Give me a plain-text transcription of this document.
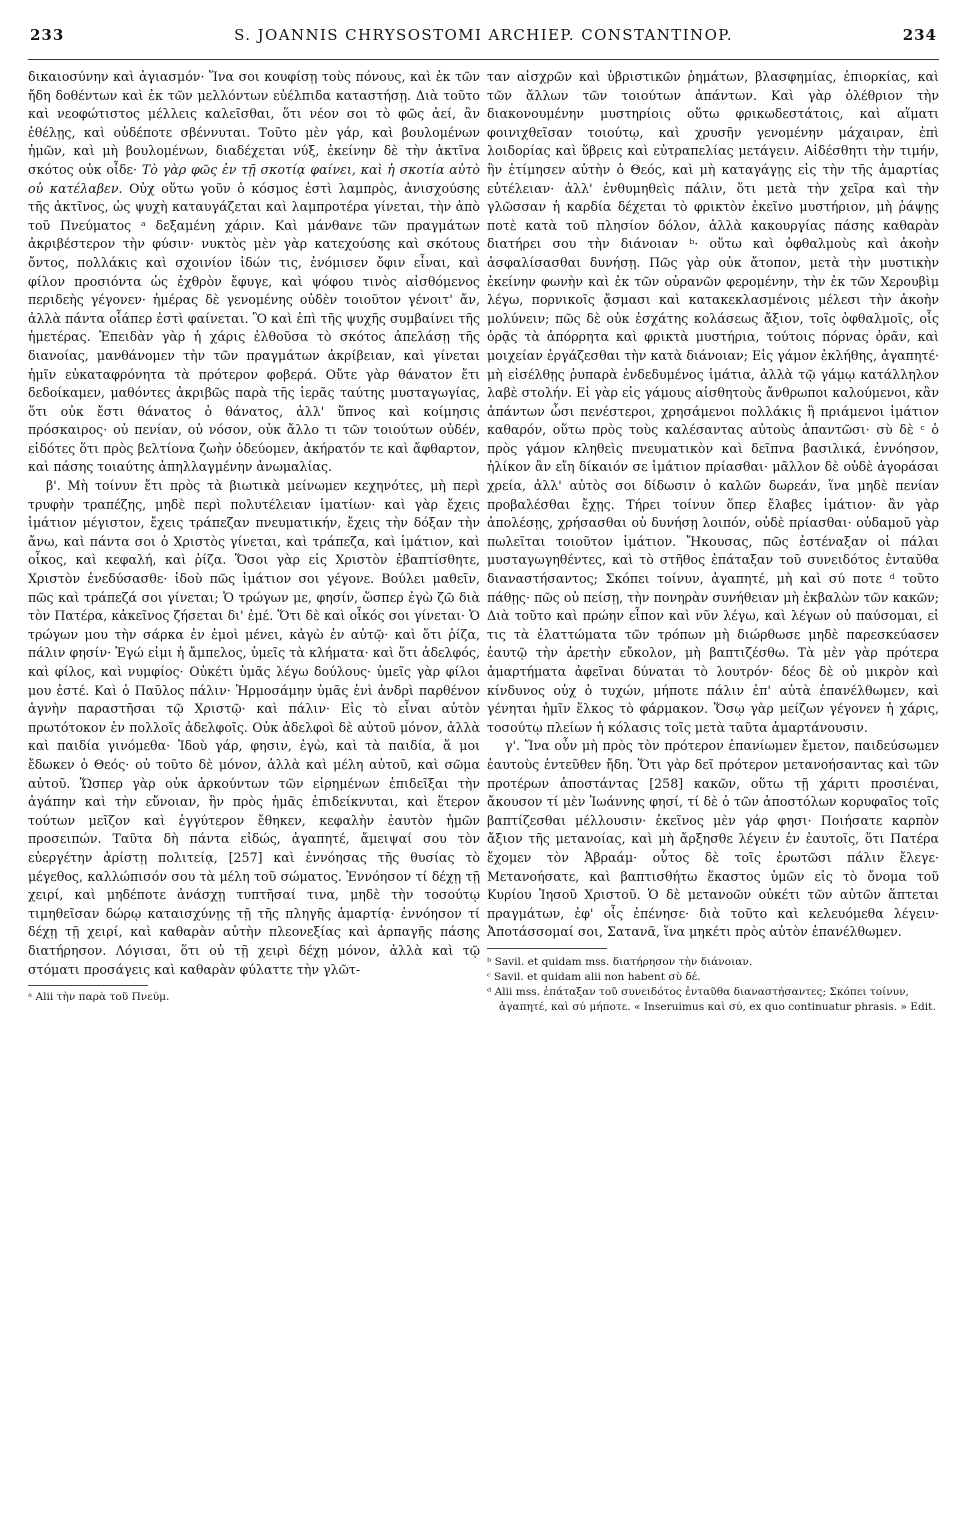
233	S. JOANNIS CHRYSOSTOMI ARCHIEP. CONSTANTINOP.	234

δικαιοσύνην καὶ ἁγιασμόν· Ἵνα σοι κουφίσῃ τοὺς πόνους, καὶ ἐκ τῶν ἤδη δοθέντων καὶ ἐκ τῶν μελλόντων εὐέλπιδα καταστήσῃ. Διὰ τοῦτο καὶ νεοφώτιστος μέλλεις καλεῖσθαι, ὅτι νέον σοι τὸ φῶς ἀεί, ἂν ἐθέλῃς, καὶ οὐδέποτε σβέννυται. Τοῦτο μὲν γάρ, καὶ βουλομένων ἡμῶν, καὶ μὴ βουλομένων, διαδέχεται νύξ, ἐκείνην δὲ τὴν ἀκτῖνα σκότος οὐκ οἶδε· Τὸ γὰρ φῶς ἐν τῇ σκοτίᾳ φαίνει, καὶ ἡ σκοτία αὐτὸ οὐ κατέλαβεν. Οὐχ οὕτω γοῦν ὁ κόσμος ἐστὶ λαμπρὸς, ἀνισχούσης τῆς ἀκτῖνος, ὡς ψυχὴ καταυγάζεται καὶ λαμπροτέρα γίνεται, τὴν ἀπὸ τοῦ Πνεύματος ᵃ δεξαμένη χάριν. Καὶ μάνθανε τῶν πραγμάτων ἀκριβέστερον τὴν φύσιν· νυκτὸς μὲν γὰρ κατεχούσης καὶ σκότους ὄντος, πολλάκις καὶ σχοινίον ἰδών τις, ἐνόμισεν ὄφιν εἶναι, καὶ φίλον προσιόντα ὡς ἐχθρὸν ἔφυγε, καὶ ψόφου τινὸς αἰσθόμενος περιδεὴς γέγονεν· ἡμέρας δὲ γενομένης οὐδὲν τοιοῦτον γένοιτ' ἄν, ἀλλὰ πάντα οἷάπερ ἐστὶ φαίνεται. Ὃ καὶ ἐπὶ τῆς ψυχῆς συμβαίνει τῆς ἡμετέρας. Ἐπειδὰν γὰρ ἡ χάρις ἐλθοῦσα τὸ σκότος ἀπελάσῃ τῆς διανοίας, μανθάνομεν τὴν τῶν πραγμάτων ἀκρίβειαν, καὶ γίνεται ἡμῖν εὐκαταφρόνητα τὰ πρότερον φοβερά. Οὔτε γὰρ θάνατον ἔτι δεδοίκαμεν, μαθόντες ἀκριβῶς παρὰ τῆς ἱερᾶς ταύτης μυσταγωγίας, ὅτι οὐκ ἔστι θάνατος ὁ θάνατος, ἀλλ' ὕπνος καὶ κοίμησις πρόσκαιρος· οὐ πενίαν, οὐ νόσον, οὐκ ἄλλο τι τῶν τοιούτων οὐδέν, εἰδότες ὅτι πρὸς βελτίονα ζωὴν ὁδεύομεν, ἀκήρατόν τε καὶ ἄφθαρτον, καὶ πάσης τοιαύτης ἀπηλλαγμένην ἀνωμαλίας.

β'. Μὴ τοίνυν ἔτι πρὸς τὰ βιωτικὰ μείνωμεν κεχηνότες, μὴ περὶ τρυφὴν τραπέζης, μηδὲ περὶ πολυτέλειαν ἱματίων· καὶ γὰρ ἔχεις ἱμάτιον μέγιστον, ἔχεις τράπεζαν πνευματικήν, ἔχεις τὴν δόξαν τὴν ἄνω, καὶ πάντα σοι ὁ Χριστὸς γίνεται, καὶ τράπεζα, καὶ ἱμάτιον, καὶ οἶκος, καὶ κεφαλή, καὶ ῥίζα. Ὅσοι γὰρ εἰς Χριστὸν ἐβαπτίσθητε, Χριστὸν ἐνεδύσασθε· ἰδοὺ πῶς ἱμάτιον σοι γέγονε. Βούλει μαθεῖν, πῶς καὶ τράπεζά σοι γίνεται; Ὁ τρώγων με, φησίν, ὥσπερ ἐγὼ ζῶ διὰ τὸν Πατέρα, κἀκεῖνος ζήσεται δι' ἐμέ. Ὅτι δὲ καὶ οἶκός σοι γίνεται· Ὁ τρώγων μου τὴν σάρκα ἐν ἐμοὶ μένει, κἀγὼ ἐν αὐτῷ· καὶ ὅτι ῥίζα, πάλιν φησίν· Ἐγώ εἰμι ἡ ἄμπελος, ὑμεῖς τὰ κλήματα· καὶ ὅτι ἀδελφός, καὶ φίλος, καὶ νυμφίος· Οὐκέτι ὑμᾶς λέγω δούλους· ὑμεῖς γὰρ φίλοι μου ἐστέ. Καὶ ὁ Παῦλος πάλιν· Ἡρμοσάμην ὑμᾶς ἑνὶ ἀνδρὶ παρθένον ἁγνὴν παραστῆσαι τῷ Χριστῷ· καὶ πάλιν· Εἰς τὸ εἶναι αὐτὸν πρωτότοκον ἐν πολλοῖς ἀδελφοῖς. Οὐκ ἀδελφοὶ δὲ αὐτοῦ μόνον, ἀλλὰ καὶ παιδία γινόμεθα· Ἰδοὺ γάρ, φησιν, ἐγὼ, καὶ τὰ παιδία, ἅ μοι ἔδωκεν ὁ Θεός· οὐ τοῦτο δὲ μόνον, ἀλλὰ καὶ μέλη αὐτοῦ, καὶ σῶμα αὐτοῦ. Ὥσπερ γὰρ οὐκ ἀρκούντων τῶν εἰρημένων ἐπιδεῖξαι τὴν ἀγάπην καὶ τὴν εὔνοιαν, ἣν πρὸς ἡμᾶς ἐπιδείκνυται, καὶ ἕτερον τούτων μεῖζον καὶ ἐγγύτερον ἔθηκεν, κεφαλὴν ἑαυτὸν ἡμῶν προσειπών. Ταῦτα δὴ πάντα εἰδώς, ἀγαπητέ, ἄμειψαί σου τὸν εὐεργέτην ἀρίστῃ πολιτείᾳ, [257] καὶ ἐννόησας τῆς θυσίας τὸ μέγεθος, καλλώπισόν σου τὰ μέλη τοῦ σώματος. Ἐννόησον τί δέχῃ τῇ χειρί, καὶ μηδέποτε ἀνάσχῃ τυπτῆσαί τινα, μηδὲ τὴν τοσούτῳ τιμηθεῖσαν δώρῳ καταισχύνῃς τῇ τῆς πληγῆς ἁμαρτίᾳ· ἐννόησον τί δέχῃ τῇ χειρί, καὶ καθαρὰν αὐτὴν πλεονεξίας καὶ ἁρπαγῆς πάσης διατήρησον. Λόγισαι, ὅτι οὐ τῇ χειρὶ δέχῃ μόνον, ἀλλὰ καὶ τῷ στόματι προσάγεις καὶ καθαρὰν φύλαττε τὴν γλῶτ-

ᵃ Alii τὴν παρὰ τοῦ Πνεύμ.

ταν αἰσχρῶν καὶ ὑβριστικῶν ῥημάτων, βλασφημίας, ἐπιορκίας, καὶ τῶν ἄλλων τῶν τοιούτων ἁπάντων. Καὶ γὰρ ὀλέθριον τὴν διακονουμένην μυστηρίοις οὕτω φρικωδεστάτοις, καὶ αἵματι φοινιχθεῖσαν τοιούτῳ, καὶ χρυσῆν γενομένην μάχαιραν, ἐπὶ λοιδορίας καὶ ὕβρεις καὶ εὐτραπελίας μετάγειν. Αἰδέσθητι τὴν τιμήν, ἣν ἐτίμησεν αὐτὴν ὁ Θεός, καὶ μὴ καταγάγῃς εἰς τὴν τῆς ἁμαρτίας εὐτέλειαν· ἀλλ' ἐνθυμηθεὶς πάλιν, ὅτι μετὰ τὴν χεῖρα καὶ τὴν γλῶσσαν ἡ καρδία δέχεται τὸ φρικτὸν ἐκεῖνο μυστήριον, μὴ ῥάψῃς ποτὲ κατὰ τοῦ πλησίον δόλον, ἀλλὰ κακουργίας πάσης καθαρὰν διατήρει σου τὴν διάνοιαν ᵇ· οὕτω καὶ ὀφθαλμοὺς καὶ ἀκοὴν ἀσφαλίσασθαι δυνήσῃ. Πῶς γὰρ οὐκ ἄτοπον, μετὰ τὴν μυστικὴν ἐκείνην φωνὴν καὶ ἐκ τῶν οὐρανῶν φερομένην, τὴν ἐκ τῶν Χερουβὶμ λέγω, πορνικοῖς ᾄσμασι καὶ κατακεκλασμένοις μέλεσι τὴν ἀκοὴν μολύνειν; πῶς δὲ οὐκ ἐσχάτης κολάσεως ἄξιον, τοῖς ὀφθαλμοῖς, οἷς ὁρᾷς τὰ ἀπόρρητα καὶ φρικτὰ μυστήρια, τούτοις πόρνας ὁρᾶν, καὶ μοιχείαν ἐργάζεσθαι τὴν κατὰ διάνοιαν; Εἰς γάμον ἐκλήθης, ἀγαπητέ· μὴ εἰσέλθῃς ῥυπαρὰ ἐνδεδυμένος ἱμάτια, ἀλλὰ τῷ γάμῳ κατάλληλον λαβὲ στολήν. Εἰ γὰρ εἰς γάμους αἰσθητοὺς ἄνθρωποι καλούμενοι, κἂν ἁπάντων ὦσι πενέστεροι, χρησάμενοι πολλάκις ἢ πριάμενοι ἱμάτιον καθαρόν, οὕτω πρὸς τοὺς καλέσαντας αὐτοὺς ἀπαντῶσι· σὺ δὲ ᶜ ὁ πρὸς γάμον κληθεὶς πνευματικὸν καὶ δεῖπνα βασιλικά, ἐννόησον, ἡλίκον ἂν εἴη δίκαιόν σε ἱμάτιον πρίασθαι· μᾶλλον δὲ οὐδὲ ἀγοράσαι χρεία, ἀλλ' αὐτὸς σοι δίδωσιν ὁ καλῶν δωρεάν, ἵνα μηδὲ πενίαν προβαλέσθαι ἔχῃς. Τήρει τοίνυν ὅπερ ἔλαβες ἱμάτιον· ἂν γὰρ ἀπολέσῃς, χρήσασθαι οὐ δυνήσῃ λοιπόν, οὐδὲ πρίασθαι· οὐδαμοῦ γὰρ πωλεῖται τοιοῦτον ἱμάτιον. Ἤκουσας, πῶς ἐστέναξαν οἱ πάλαι μυσταγωγηθέντες, καὶ τὸ στῆθος ἐπάταξαν τοῦ συνειδότος ἐνταῦθα διαναστήσαντος; Σκόπει τοίνυν, ἀγαπητέ, μὴ καὶ σύ ποτε ᵈ τοῦτο πάθῃς· πῶς οὐ πείσῃ, τὴν πονηρὰν συνήθειαν μὴ ἐκβαλὼν τῶν κακῶν; Διὰ τοῦτο καὶ πρώην εἶπον καὶ νῦν λέγω, καὶ λέγων οὐ παύσομαι, εἰ τις τὰ ἐλαττώματα τῶν τρόπων μὴ διώρθωσε μηδὲ παρεσκεύασεν ἑαυτῷ τὴν ἀρετὴν εὔκολον, μὴ βαπτιζέσθω. Τὰ μὲν γὰρ πρότερα ἁμαρτήματα ἀφεῖναι δύναται τὸ λουτρόν· δέος δὲ οὐ μικρὸν καὶ κίνδυνος οὐχ ὁ τυχών, μήποτε πάλιν ἐπ' αὐτὰ ἐπανέλθωμεν, καὶ γένηται ἡμῖν ἕλκος τὸ φάρμακον. Ὅσῳ γὰρ μείζων γέγονεν ἡ χάρις, τοσούτῳ πλείων ἡ κόλασις τοῖς μετὰ ταῦτα ἁμαρτάνουσιν.

γ'. Ἵνα οὖν μὴ πρὸς τὸν πρότερον ἐπανίωμεν ἔμετον, παιδεύσωμεν ἑαυτοὺς ἐντεῦθεν ἤδη. Ὅτι γὰρ δεῖ πρότερον μετανοήσαντας καὶ τῶν προτέρων ἀποστάντας [258] κακῶν, οὕτω τῇ χάριτι προσιέναι, ἄκουσον τί μὲν Ἰωάννης φησί, τί δὲ ὁ τῶν ἀποστόλων κορυφαῖος τοῖς βαπτίζεσθαι μέλλουσιν· ἐκεῖνος μὲν γάρ φησι· Ποιήσατε καρπὸν ἄξιον τῆς μετανοίας, καὶ μὴ ἄρξησθε λέγειν ἐν ἑαυτοῖς, ὅτι Πατέρα ἔχομεν τὸν Ἀβραάμ· οὗτος δὲ τοῖς ἐρωτῶσι πάλιν ἔλεγε· Μετανοήσατε, καὶ βαπτισθήτω ἕκαστος ὑμῶν εἰς τὸ ὄνομα τοῦ Κυρίου Ἰησοῦ Χριστοῦ. Ὁ δὲ μετανοῶν οὐκέτι τῶν αὐτῶν ἅπτεται πραγμάτων, ἐφ' οἷς ἐπένησε· διὰ τοῦτο καὶ κελευόμεθα λέγειν· Ἀποτάσσομαί σοι, Σατανᾶ, ἵνα μηκέτι πρὸς αὐτὸν ἐπανέλθωμεν.

ᵇ Savil. et quidam mss. διατήρησον τὴν διάνοιαν.

ᶜ Savil. et quidam alii non habent σὺ δέ.

ᵈ Alii mss. ἐπάταξαν τοῦ συνειδότος ἐνταῦθα διαναστήσαντες; Σκόπει τοίνυν, ἀγαπητέ, καὶ σύ μήποτε. « Inseruimus καὶ σύ, ex quo continuatur phrasis. » Edit.
